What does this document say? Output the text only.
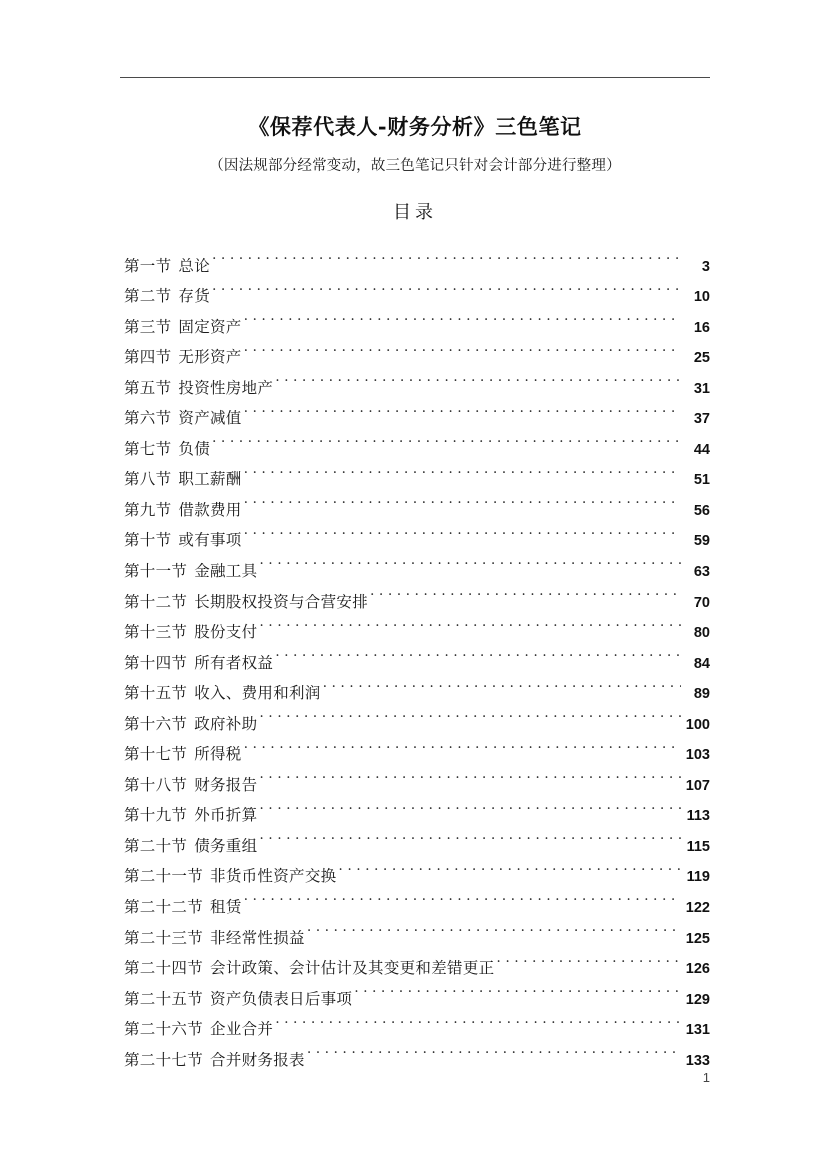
《保荐代表人-财务分析》三色笔记
（因法规部分经常变动，故三色笔记只针对会计部分进行整理）
目录
第一节 总论 . . .	3
第二节 存货 . . .	10
第三节 固定资产 . . .	16
第四节 无形资产 . . .	25
第五节 投资性房地产 . . .	31
第六节 资产减值 . . .	37
第七节 负债 . . .	44
第八节 职工薪酬 . . .	51
第九节 借款费用 . . .	56
第十节 或有事项 . . .	59
第十一节 金融工具 . . .	63
第十二节 长期股权投资与合营安排 . . .	70
第十三节 股份支付 . . .	80
第十四节 所有者权益 . . .	84
第十五节 收入、费用和利润 . . .	89
第十六节 政府补助 . . .	100
第十七节 所得税 . . .	103
第十八节 财务报告 . . .	107
第十九节 外币折算 . . .	113
第二十节 债务重组 . . .	115
第二十一节 非货币性资产交换 . . .	119
第二十二节 租赁 . . .	122
第二十三节 非经常性损益 . . .	125
第二十四节 会计政策、会计估计及其变更和差错更正 . . .	126
第二十五节 资产负债表日后事项 . . .	129
第二十六节 企业合并 . . .	131
第二十七节 合并财务报表 . . .	133
1
